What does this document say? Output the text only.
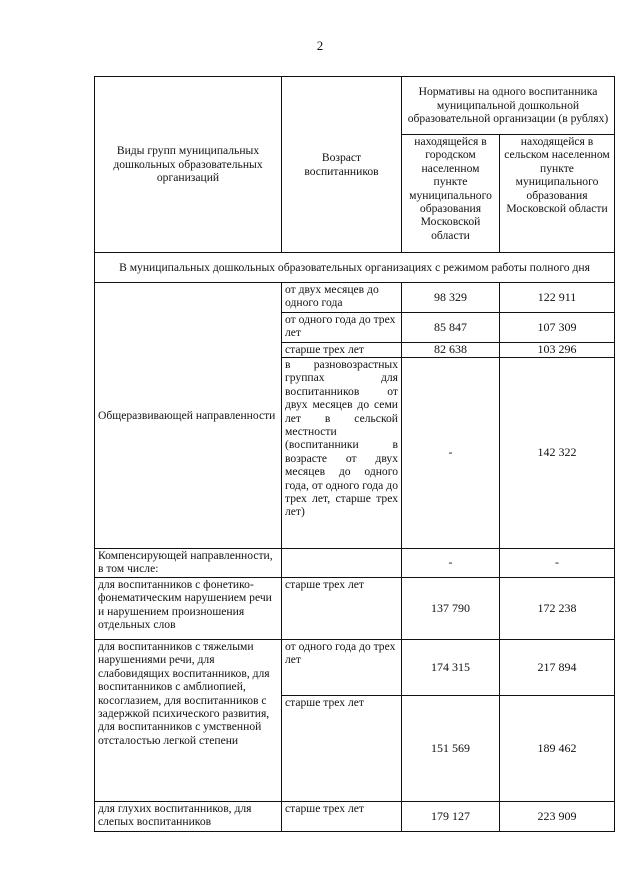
2
Виды групп муниципальных дошкольных образовательных организаций	Возраст воспитанников	Нормативы на одного воспитанника муниципальной дошкольной образовательной организации (в рублях)	
		находящейся в городском населенном пункте муниципального образования Московской области	находящейся в сельском населенном пункте муниципального образования Московской области
В муниципальных дошкольных образовательных организациях с режимом работы полного дня			
Общеразвивающей направленности	от двух месяцев до одного года	98 329	122 911
	от одного года до трех лет	85 847	107 309
	старше трех лет	82 638	103 296
	в разновозрастных группах для воспитанников от двух месяцев до семи лет в сельской местности (воспитанники в возрасте от двух месяцев до одного года, от одного года до трех лет, старше трех лет)	-	142 322
Компенсирующей направленности, в том числе:		-	-
для воспитанников с фонетико-фонематическим нарушением речи и нарушением произношения отдельных слов	старше трех лет	137 790	172 238
для воспитанников с тяжелыми нарушениями речи, для слабовидящих воспитанников, для воспитанников с амблиопией, косоглазием, для воспитанников с задержкой психического развития, для воспитанников с умственной отсталостью легкой степени	от одного года до трех лет	174 315	217 894
	старше трех лет	151 569	189 462
для глухих воспитанников, для слепых воспитанников	старше трех лет	179 127	223 909
